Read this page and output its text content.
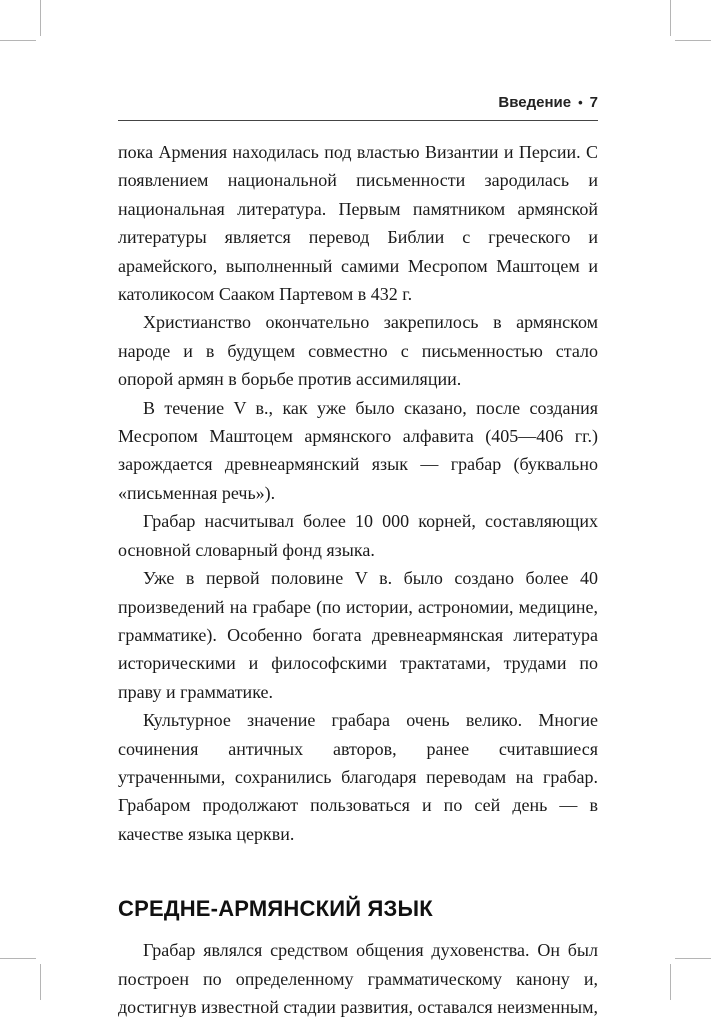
Введение • 7

пока Армения находилась под властью Византии и Персии. С появлением национальной письменности зародилась и национальная литература. Первым памятником армянской литературы является перевод Библии с греческого и арамейского, выполненный самими Месропом Маштоцем и католикосом Сааком Партевом в 432 г.

Христианство окончательно закрепилось в армянском народе и в будущем совместно с письменностью стало опорой армян в борьбе против ассимиляции.

В течение V в., как уже было сказано, после создания Месропом Маштоцем армянского алфавита (405—406 гг.) зарождается древнеармянский язык — грабар (буквально «письменная речь»).

Грабар насчитывал более 10 000 корней, составляющих основной словарный фонд языка.

Уже в первой половине V в. было создано более 40 произведений на грабаре (по истории, астрономии, медицине, грамматике). Особенно богата древнеармянская литература историческими и философскими трактатами, трудами по праву и грамматике.

Культурное значение грабара очень велико. Многие сочинения античных авторов, ранее считавшиеся утраченными, сохранились благодаря переводам на грабар. Грабаром продолжают пользоваться и по сей день — в качестве языка церкви.

СРЕДНЕ-АРМЯНСКИЙ ЯЗЫК

Грабар являлся средством общения духовенства. Он был построен по определенному грамматическому канону и, достигнув известной стадии развития, оставался неизменным,
